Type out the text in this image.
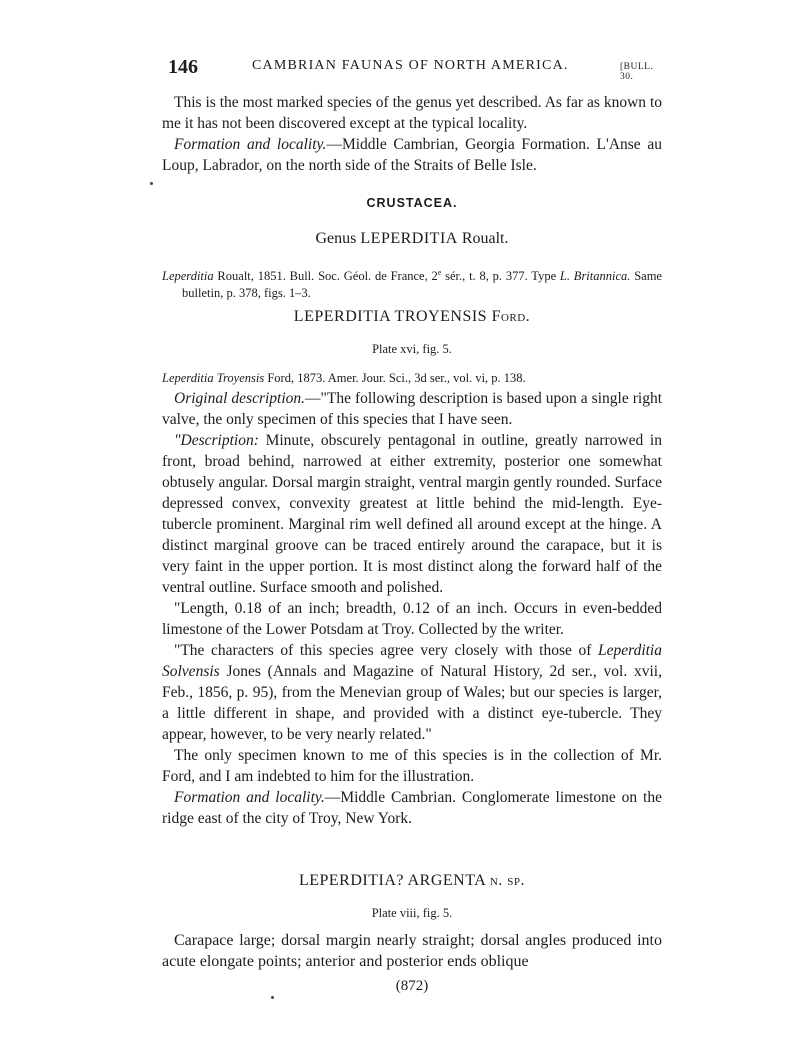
146	CAMBRIAN FAUNAS OF NORTH AMERICA.	[BULL. 30.

This is the most marked species of the genus yet described. As far as known to me it has not been discovered except at the typical locality.

Formation and locality.—Middle Cambrian, Georgia Formation. L'Anse au Loup, Labrador, on the north side of the Straits of Belle Isle.

CRUSTACEA.

Genus LEPERDITIA Roualt.

Leperditia Roualt, 1851. Bull. Soc. Géol. de France, 2e sér., t. 8, p. 377. Type L. Britannica. Same bulletin, p. 378, figs. 1–3.

LEPERDITIA TROYENSIS Ford.

Plate xvi, fig. 5.

Leperditia Troyensis Ford, 1873. Amer. Jour. Sci., 3d ser., vol. vi, p. 138.

Original description.—"The following description is based upon a single right valve, the only specimen of this species that I have seen.

"Description: Minute, obscurely pentagonal in outline, greatly narrowed in front, broad behind, narrowed at either extremity, posterior one somewhat obtusely angular. Dorsal margin straight, ventral margin gently rounded. Surface depressed convex, convexity greatest at little behind the mid-length. Eye-tubercle prominent. Marginal rim well defined all around except at the hinge. A distinct marginal groove can be traced entirely around the carapace, but it is very faint in the upper portion. It is most distinct along the forward half of the ventral outline. Surface smooth and polished.

"Length, 0.18 of an inch; breadth, 0.12 of an inch. Occurs in even-bedded limestone of the Lower Potsdam at Troy. Collected by the writer.

"The characters of this species agree very closely with those of Leperditia Solvensis Jones (Annals and Magazine of Natural History, 2d ser., vol. xvii, Feb., 1856, p. 95), from the Menevian group of Wales; but our species is larger, a little different in shape, and provided with a distinct eye-tubercle. They appear, however, to be very nearly related."

The only specimen known to me of this species is in the collection of Mr. Ford, and I am indebted to him for the illustration.

Formation and locality.—Middle Cambrian. Conglomerate limestone on the ridge east of the city of Troy, New York.

LEPERDITIA? ARGENTA n. sp.

Plate viii, fig. 5.

Carapace large; dorsal margin nearly straight; dorsal angles produced into acute elongate points; anterior and posterior ends oblique

(872)
